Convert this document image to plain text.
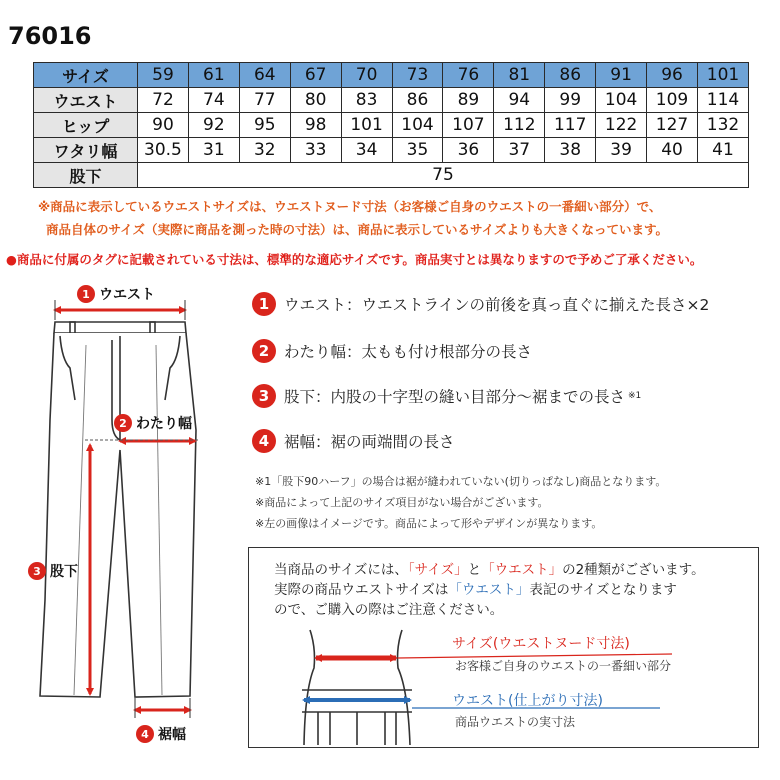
76016
サイズ	59	61	64	67	70	73	76	81	86	91	96	101
ウエスト	72	74	77	80	83	86	89	94	99	104	109	114
ヒップ	90	92	95	98	101	104	107	112	117	122	127	132
ワタリ幅	30.5	31	32	33	34	35	36	37	38	39	40	41
股下	75											
※商品に表示しているウエストサイズは、ウエストヌード寸法（お客様ご自身のウエストの一番細い部分）で、
商品自体のサイズ（実際に商品を測った時の寸法）は、商品に表示しているサイズよりも大きくなっています。
●商品に付属のタグに記載されている寸法は、標準的な適応サイズです。商品実寸とは異なりますので予めご了承ください。
1 ウエスト
2 わたり幅
3 股下
4 裾幅
1 ウエスト：ウエストラインの前後を真っ直ぐに揃えた長さ×2
2 わたり幅：太もも付け根部分の長さ
3 股下：内股の十字型の縫い目部分～裾までの長さ ※1
4 裾幅：裾の両端間の長さ
※1「股下90ハーフ」の場合は裾が縫われていない(切りっぱなし)商品となります。
※商品によって上記のサイズ項目がない場合がございます。
※左の画像はイメージです。商品によって形やデザインが異なります。
当商品のサイズには、「サイズ」と「ウエスト」の2種類がございます。
実際の商品ウエストサイズは「ウエスト」表記のサイズとなります
ので、ご購入の際はご注意ください。
サイズ(ウエストヌード寸法)
お客様ご自身のウエストの一番細い部分
ウエスト(仕上がり寸法)
商品ウエストの実寸法
